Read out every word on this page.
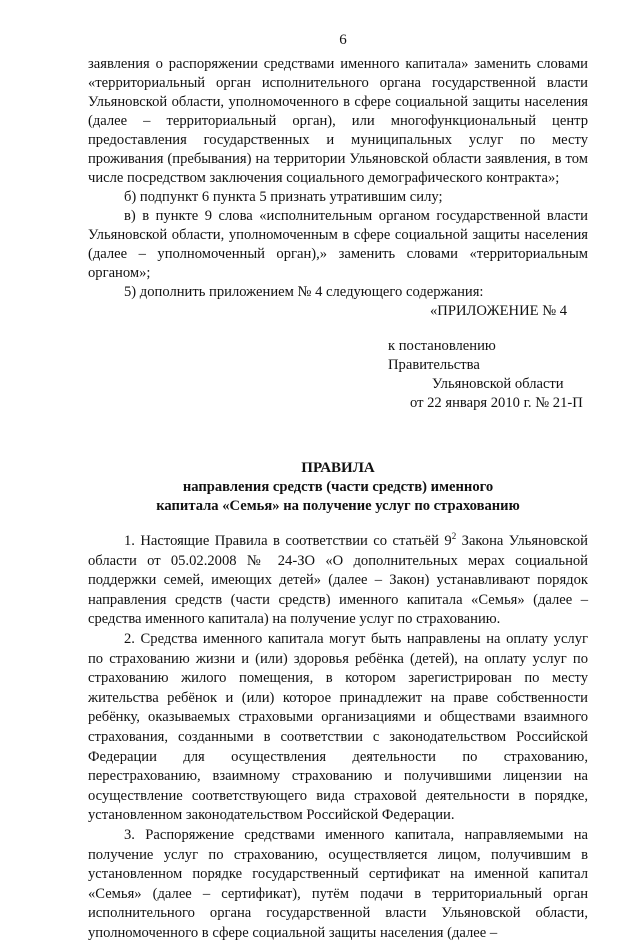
6

заявления о распоряжении средствами именного капитала» заменить словами «территориальный орган исполнительного органа государственной власти Ульяновской области, уполномоченного в сфере социальной защиты населения (далее – территориальный орган), или многофункциональный центр предоставления государственных и муниципальных услуг по месту проживания (пребывания) на территории Ульяновской области заявления, в том числе посредством заключения социального демографического контракта»;

б) подпункт 6 пункта 5 признать утратившим силу;

в) в пункте 9 слова «исполнительным органом государственной власти Ульяновской области, уполномоченным в сфере социальной защиты населения (далее – уполномоченный орган),» заменить словами «территориальным органом»;

5) дополнить приложением № 4 следующего содержания:

«ПРИЛОЖЕНИЕ № 4
к постановлению Правительства
Ульяновской области
от 22 января 2010 г. № 21-П
ПРАВИЛА
направления средств (части средств) именного
капитала «Семья» на получение услуг по страхованию

1. Настоящие Правила в соответствии со статьёй $9^2$ Закона Ульяновской области от 05.02.2008 № 24-ЗО «О дополнительных мерах социальной поддержки семей, имеющих детей» (далее – Закон) устанавливают порядок направления средств (части средств) именного капитала «Семья» (далее – средства именного капитала) на получение услуг по страхованию.

2. Средства именного капитала могут быть направлены на оплату услуг по страхованию жизни и (или) здоровья ребёнка (детей), на оплату услуг по страхованию жилого помещения, в котором зарегистрирован по месту жительства ребёнок и (или) которое принадлежит на праве собственности ребёнку, оказываемых страховыми организациями и обществами взаимного страхования, созданными в соответствии с законодательством Российской Федерации для осуществления деятельности по страхованию, перестрахованию, взаимному страхованию и получившими лицензии на осуществление соответствующего вида страховой деятельности в порядке, установленном законодательством Российской Федерации.

3. Распоряжение средствами именного капитала, направляемыми на получение услуг по страхованию, осуществляется лицом, получившим в установленном порядке государственный сертификат на именной капитал «Семья» (далее – сертификат), путём подачи в территориальный орган исполнительного органа государственной власти Ульяновской области, уполномоченного в сфере социальной защиты населения (далее –
